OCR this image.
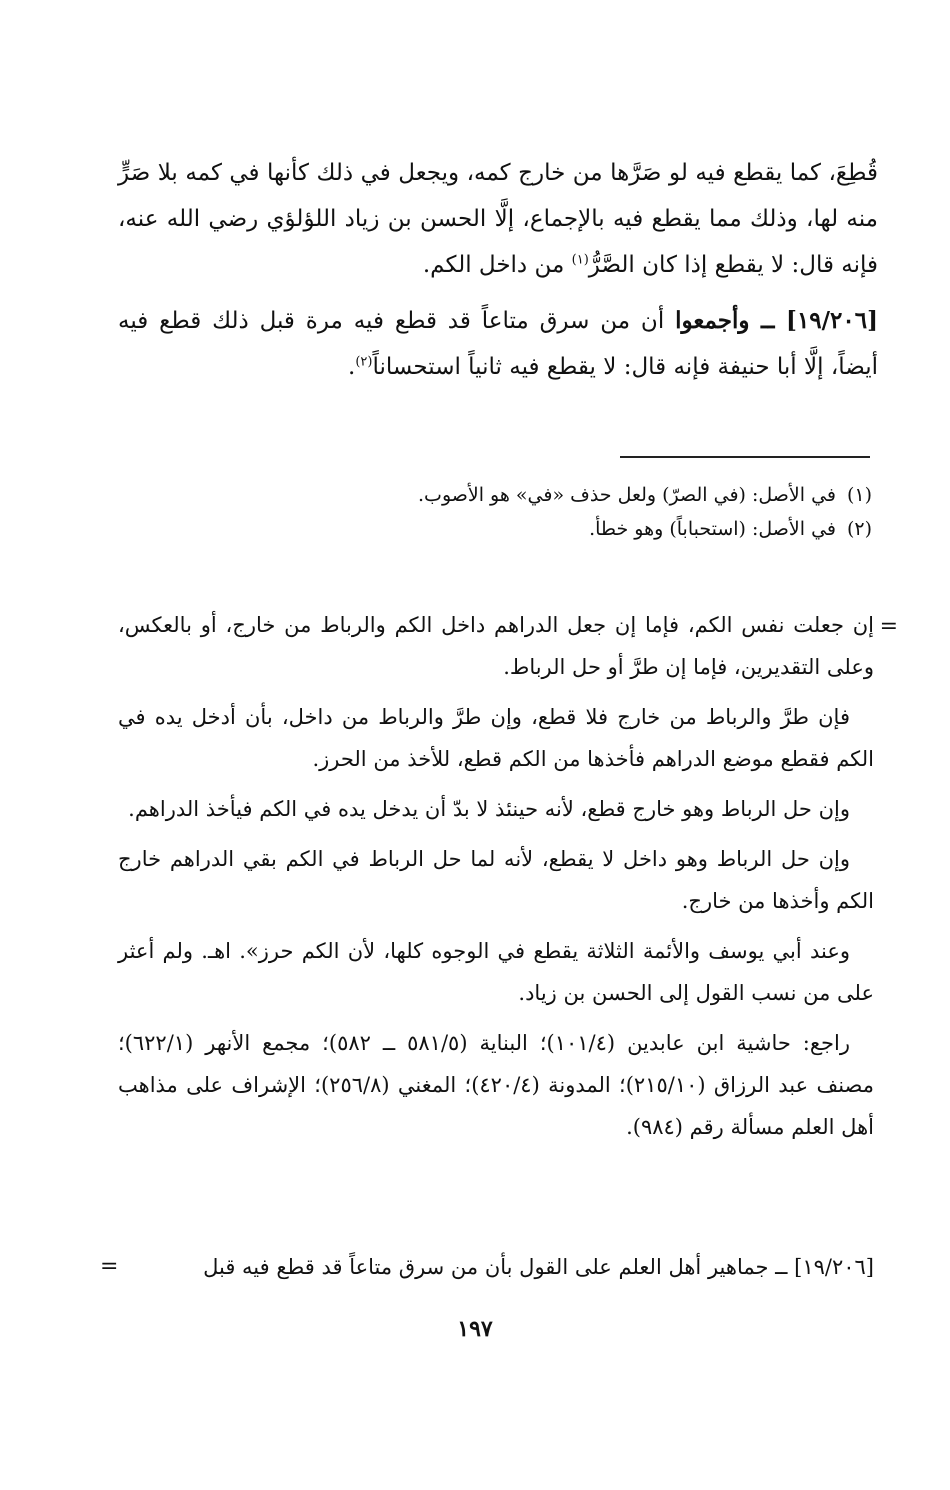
قُطِعَ، كما يقطع فيه لو صَرَّها من خارج كمه، ويجعل في ذلك كأنها في كمه بلا صَرٍّ منه لها، وذلك مما يقطع فيه بالإجماع، إلَّا الحسن بن زياد اللؤلؤي رضي الله عنه، فإنه قال: لا يقطع إذا كان الصَّرُّ$^{(١)}$ من داخل الكم.

[١٩/٢٠٦] ــ وأجمعوا أن من سرق متاعاً قد قطع فيه مرة قبل ذلك قطع فيه أيضاً، إلَّا أبا حنيفة فإنه قال: لا يقطع فيه ثانياً استحساناً$^{(٢)}$.

(١)في الأصل: (في الصرّ) ولعل حذف «في» هو الأصوب.

(٢)في الأصل: (استحباباً) وهو خطأ.

=

إن جعلت نفس الكم، فإما إن جعل الدراهم داخل الكم والرباط من خارج، أو بالعكس، وعلى التقديرين، فإما إن طرَّ أو حل الرباط.

فإن طرَّ والرباط من خارج فلا قطع، وإن طرَّ والرباط من داخل، بأن أدخل يده في الكم فقطع موضع الدراهم فأخذها من الكم قطع، للأخذ من الحرز.

وإن حل الرباط وهو خارج قطع، لأنه حينئذ لا بدّ أن يدخل يده في الكم فيأخذ الدراهم.

وإن حل الرباط وهو داخل لا يقطع، لأنه لما حل الرباط في الكم بقي الدراهم خارج الكم وأخذها من خارج.

وعند أبي يوسف والأئمة الثلاثة يقطع في الوجوه كلها، لأن الكم حرز». اهـ. ولم أعثر على من نسب القول إلى الحسن بن زياد.

راجع: حاشية ابن عابدين (١٠١/٤)؛ البناية (٥٨١/٥ ــ ٥٨٢)؛ مجمع الأنهر (٦٢٢/١)؛ مصنف عبد الرزاق (٢١٥/١٠)؛ المدونة (٤٢٠/٤)؛ المغني (٢٥٦/٨)؛ الإشراف على مذاهب أهل العلم مسألة رقم (٩٨٤).

[١٩/٢٠٦] ــ جماهير أهل العلم على القول بأن من سرق متاعاً قد قطع فيه قبل

=
١٩٧
